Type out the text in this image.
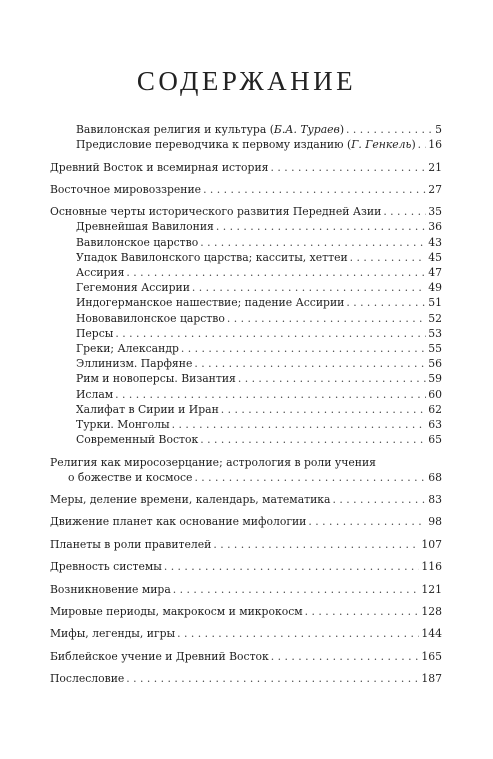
СОДЕРЖАНИЕ
Вавилонская религия и культура (Б.А. Тураев) . . .	5
Предисловие переводчика к первому изданию (Г. Генкель) . . . 16
Древний Восток и всемирная история . . .	21
Восточное мировоззрение . . .	27
Основные черты исторического развития Передней Азии . . .	35
Древнейшая Вавилония . . .	36
Вавилонское царство . . .	43
Упадок Вавилонского царства; касситы, хеттеи . . .	45
Ассирия . . .	47
Гегемония Ассирии . . .	49
Индогерманское нашествие; падение Ассирии . . .	51
Нововавилонское царство . . .	52
Персы . . .	53
Греки; Александр . . .	55
Эллинизм. Парфяне . . .	56
Рим и новоперсы. Византия . . .	59
Ислам . . .	60
Халифат в Сирии и Иран . . .	62
Турки. Монголы . . .	63
Современный Восток . . .	65
Религия как миросозерцание; астрология в роли учения
о божестве и космосе . . .	68
Меры, деление времени, календарь, математика . . .	83
Движение планет как основание мифологии . . .	98
Планеты в роли правителей . . .	107
Древность системы . . .	116
Возникновение мира . . .	121
Мировые периоды, макрокосм и микрокосм . . .	128
Мифы, легенды, игры . . .	144
Библейское учение и Древний Восток . . .	165
Послесловие . . .	187
